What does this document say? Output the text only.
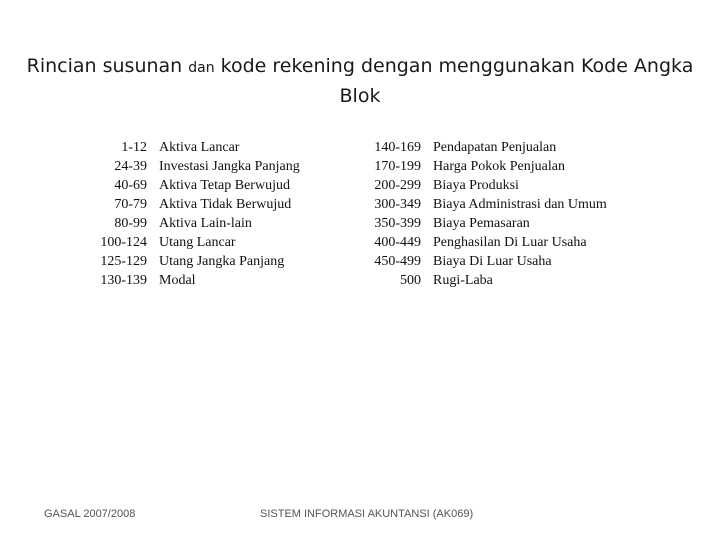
Rincian susunan dan kode rekening dengan menggunakan Kode Angka Blok
1-12 Aktiva Lancar
24-39 Investasi Jangka Panjang
40-69 Aktiva Tetap Berwujud
70-79 Aktiva Tidak Berwujud
80-99 Aktiva Lain-lain
100-124 Utang Lancar
125-129 Utang Jangka Panjang
130-139 Modal
140-169 Pendapatan Penjualan
170-199 Harga Pokok Penjualan
200-299 Biaya Produksi
300-349 Biaya Administrasi dan Umum
350-399 Biaya Pemasaran
400-449 Penghasilan Di Luar Usaha
450-499 Biaya Di Luar Usaha
500 Rugi-Laba
GASAL 2007/2008	SISTEM INFORMASI AKUNTANSI (AK069)
